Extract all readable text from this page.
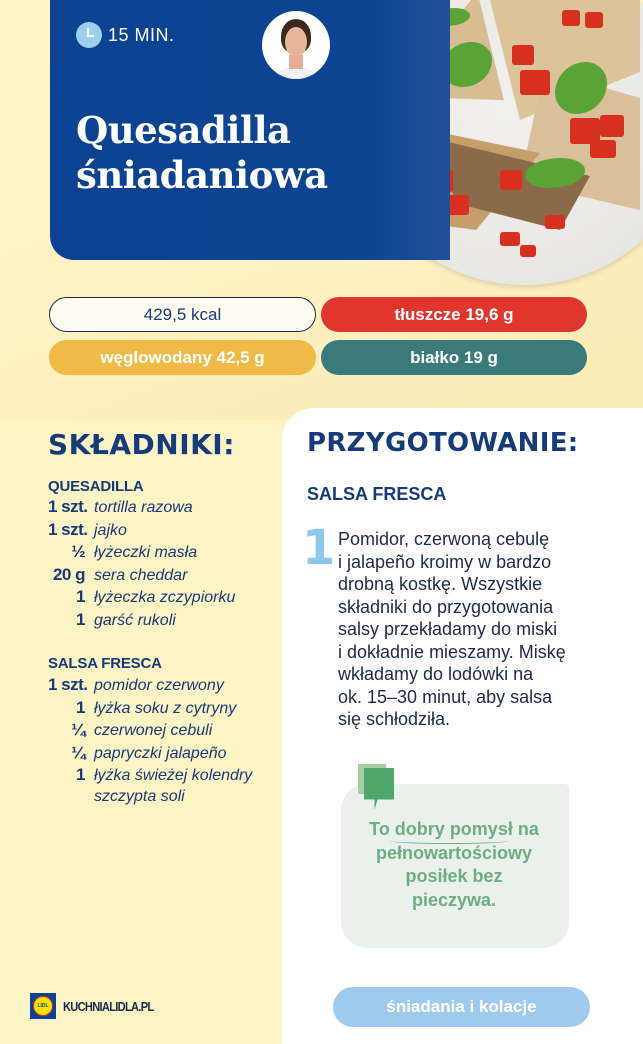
15 MIN.
Quesadilla
śniadaniowa
429,5 kcal	tłuszcze 19,6 g
węglowodany 42,5 g	białko 19 g
SKŁADNIKI:
QUESADILLA
1 szt. tortilla razowa
1 szt. jajko
½ łyżeczki masła
20 g sera cheddar
1 łyżeczka zczypiorku
1 garść rukoli
SALSA FRESCA
1 szt. pomidor czerwony
1 łyżka soku z cytryny
¼ czerwonej cebuli
¼ papryczki jalapeño
1 łyżka świeżej kolendry
szczypta soli
PRZYGOTOWANIE:
SALSA FRESCA
1 Pomidor, czerwoną cebulę
i jalapeño kroimy w bardzo
drobną kostkę. Wszystkie
składniki do przygotowania
salsy przekładamy do miski
i dokładnie mieszamy. Miskę
wkładamy do lodówki na
ok. 15–30 minut, aby salsa
się schłodziła.
To dobry pomysł na
pełnowartościowy
posiłek bez
pieczywa.
LIDL	KUCHNIALIDLA.PL	śniadania i kolacje
